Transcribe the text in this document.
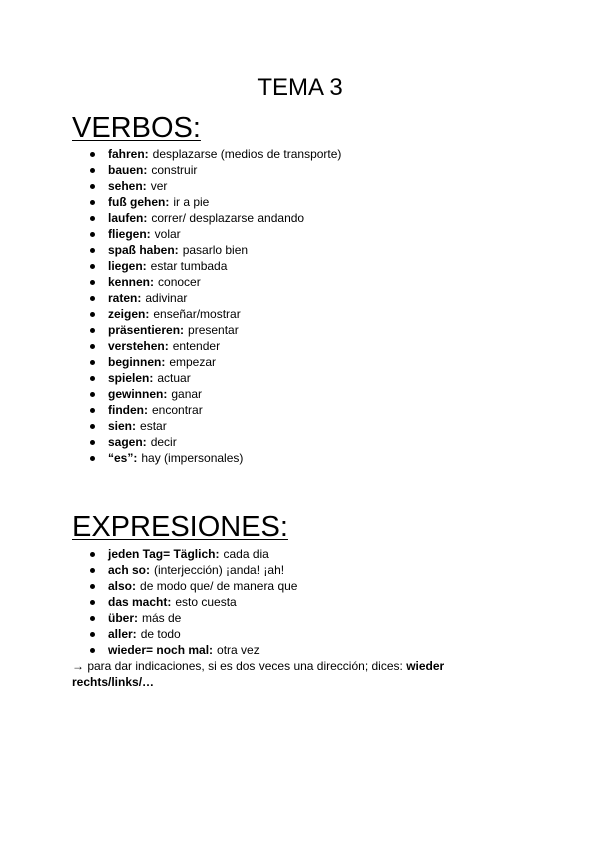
TEMA 3
VERBOS:
fahren: desplazarse (medios de transporte)
bauen: construir
sehen: ver
fuß gehen: ir a pie
laufen: correr/ desplazarse andando
fliegen: volar
spaß haben: pasarlo bien
liegen: estar tumbada
kennen: conocer
raten: adivinar
zeigen: enseñar/mostrar
präsentieren: presentar
verstehen: entender
beginnen: empezar
spielen: actuar
gewinnen: ganar
finden: encontrar
sien: estar
sagen: decir
“es”: hay (impersonales)
EXPRESIONES:
jeden Tag= Täglich: cada dia
ach so: (interjección) ¡anda! ¡ah!
also: de modo que/ de manera que
das macht: esto cuesta
über: más de
aller: de todo
wieder= noch mal: otra vez
→ para dar indicaciones, si es dos veces una dirección; dices: wieder rechts/links/…
